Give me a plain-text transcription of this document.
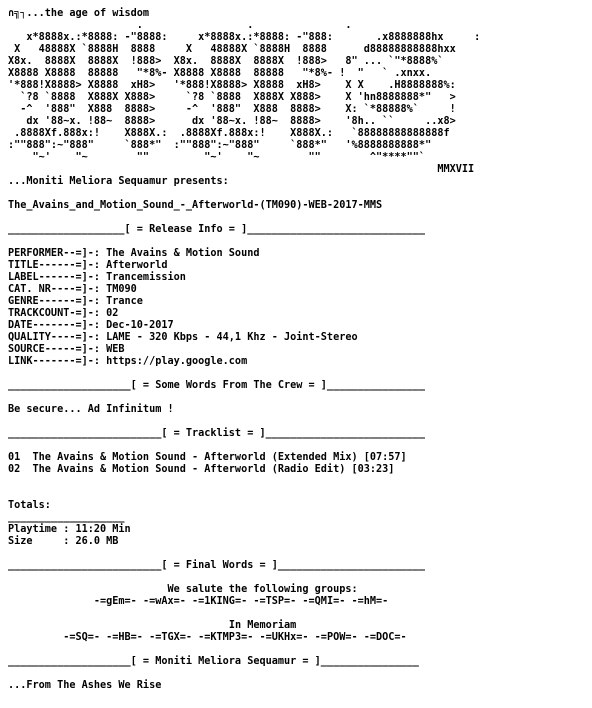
∩╗┐...the age of wisdom
.                 .               .
x*8888x.:*8888: -"8888:     x*8888x.:*8888: -"888:       .x8888888hx     :
X   48888X `8888H  8888     X   48888X `8888H  8888      d88888888888hxx
X8x.  8888X  8888X  !888>  X8x.  8888X  8888X  !888>   8" ... `"*8888%`
X8888 X8888  88888   "*8%- X8888 X8888  88888   "*8%- !  "   ` .xnxx.
'*888!X8888> X8888  xH8>   '*888!X8888> X8888  xH8>    X X    .H8888888%:
`?8 `8888  X888X X888>     `?8 `8888  X888X X888>    X 'hn8888888*"   >
-^  '888"  X888  8888>     -^  '888"  X888  8888>    X: `*88888%`     !
dx '88~x. !88~  8888>      dx '88~x. !88~  8888>    '8h.. ``     ..x8>
.8888Xf.888x:!    X888X.:  .8888Xf.888x:!    X888X.:   `88888888888888f
:""888":~"888"     `888*"  :""888":~"888"     `888*"   '%8888888888*"
"~'    "~        ""         "~'    "~        ""        ^"****""`
MMXVII
...Moniti Meliora Sequamur presents:

The_Avains_and_Motion_Sound_-_Afterworld-(TM090)-WEB-2017-MMS

___________________[ = Release Info = ]_____________________________

PERFORMER--=]-: The Avains & Motion Sound
TITLE------=]-: Afterworld
LABEL------=]-: Trancemission
CAT. NR----=]-: TM090
GENRE------=]-: Trance
TRACKCOUNT-=]-: 02
DATE-------=]-: Dec-10-2017
QUALITY----=]-: LAME - 320 Kbps - 44,1 Khz - Joint-Stereo
SOURCE-----=]-: WEB
LINK-------=]-: https://play.google.com

____________________[ = Some Words From The Crew = ]________________

Be secure... Ad Infinitum !

_________________________[ = Tracklist = ]__________________________

01  The Avains & Motion Sound - Afterworld (Extended Mix) [07:57]
02  The Avains & Motion Sound - Afterworld (Radio Edit) [03:23]

Totals:
___________________
Playtime : 11:20 Min
Size     : 26.0 MB

_________________________[ = Final Words = ]________________________

We salute the following groups:
-=gEm=- -=wAx=- -=1KING=- -=TSP=- -=QMI=- -=hM=-

In Memoriam
-=SQ=- -=HB=- -=TGX=- -=KTMP3=- -=UKHx=- -=POW=- -=DOC=-

____________________[ = Moniti Meliora Sequamur = ]________________

...From The Ashes We Rise
